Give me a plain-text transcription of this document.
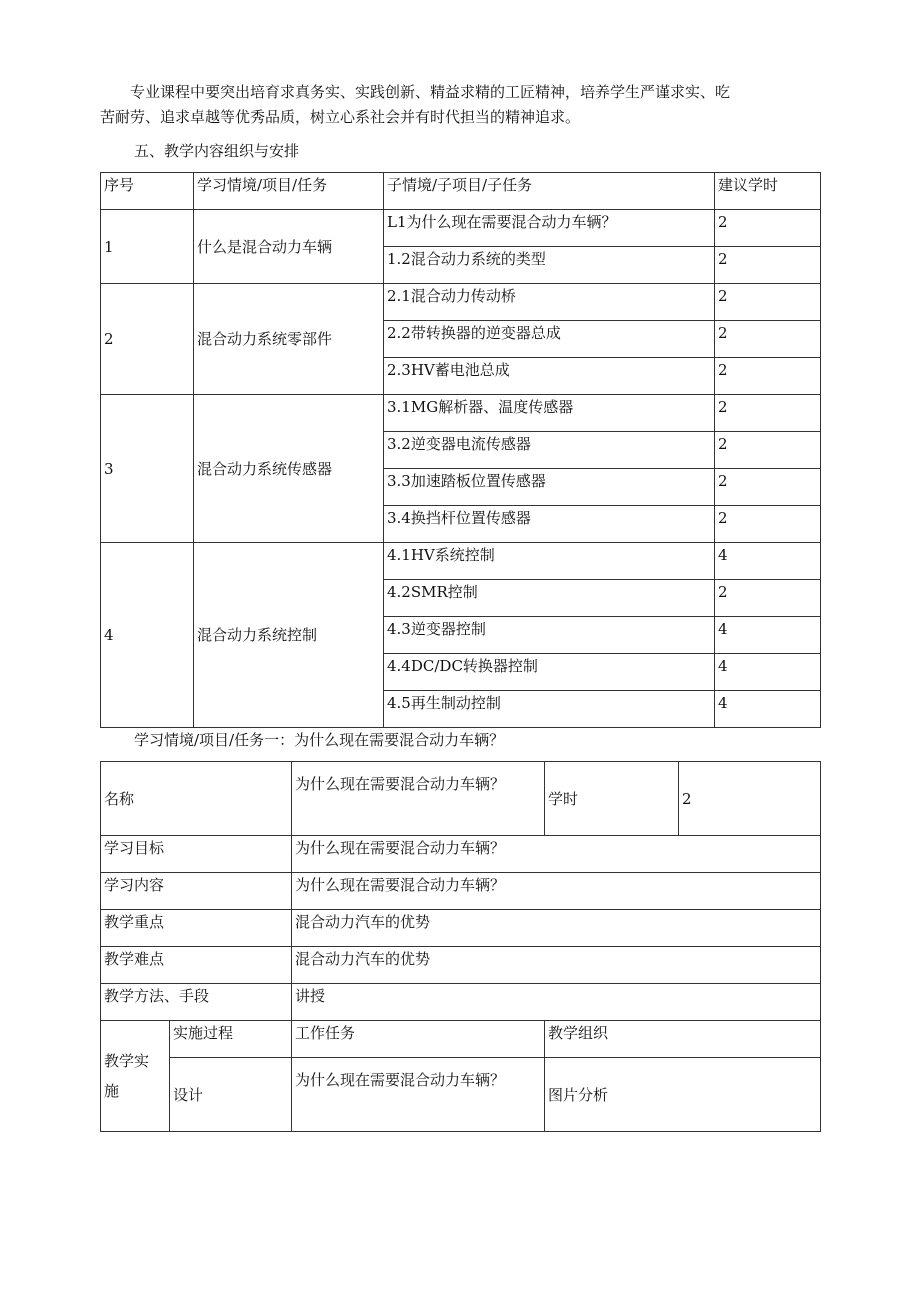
专业课程中要突出培育求真务实、实践创新、精益求精的工匠精神，培养学生严谨求实、吃
苦耐劳、追求卓越等优秀品质，树立心系社会并有时代担当的精神追求。

五、教学内容组织与安排

序号	学习情境/项目/任务	子情境/子项目/子任务	建议学时
1	什么是混合动力车辆	L1为什么现在需要混合动力车辆？	2
		1.2混合动力系统的类型	2
2	混合动力系统零部件	2.1混合动力传动桥	2
		2.2带转换器的逆变器总成	2
		2.3HV蓄电池总成	2
3	混合动力系统传感器	3.1MG解析器、温度传感器	2
		3.2逆变器电流传感器	2
		3.3加速踏板位置传感器	2
		3.4换挡杆位置传感器	2
4	混合动力系统控制	4.1HV系统控制	4
		4.2SMR控制	2
		4.3逆变器控制	4
		4.4DC/DC转换器控制	4
		4.5再生制动控制	4

学习情境/项目/任务一：为什么现在需要混合动力车辆？

名称		为什么现在需要混合动力车辆？	学时	2
学习目标		为什么现在需要混合动力车辆？		
学习内容		为什么现在需要混合动力车辆？		
教学重点		混合动力汽车的优势		
教学难点		混合动力汽车的优势		
教学方法、手段		讲授		
教学实
施	实施过程	工作任务	教学组织	
	设计	为什么现在需要混合动力车辆？	图片分析	
